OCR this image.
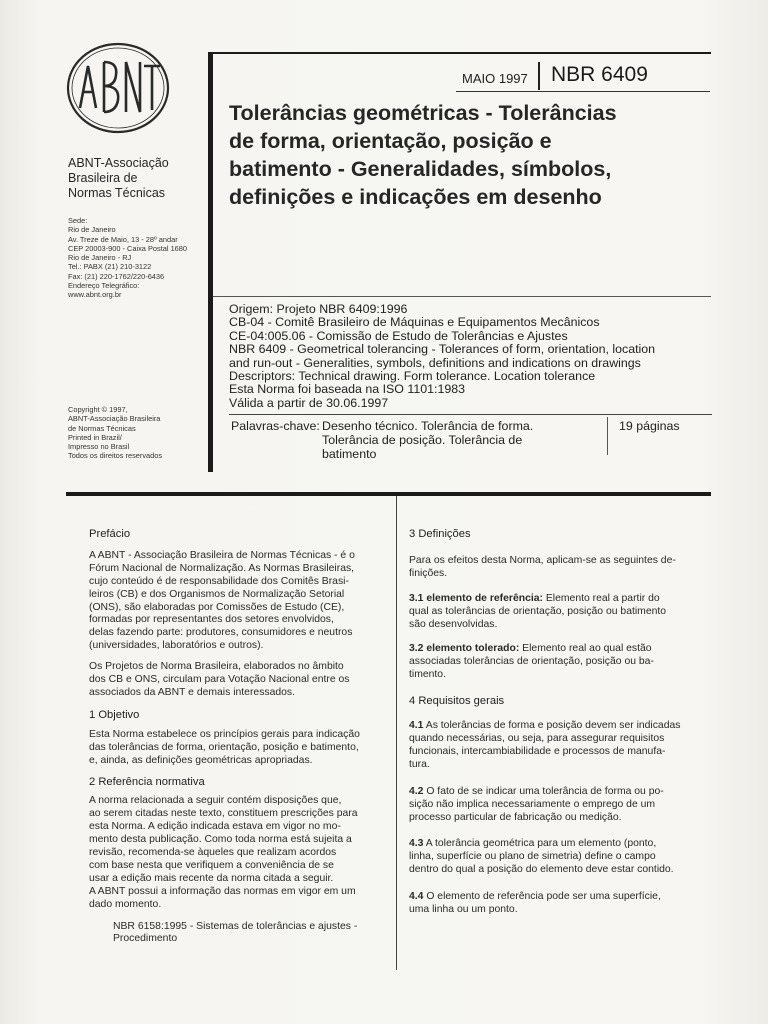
ABNT-Associação
Brasileira de
Normas Técnicas
Sede:
Rio de Janeiro
Av. Treze de Maio, 13 - 28º andar
CEP 20003-900 - Caixa Postal 1680
Rio de Janeiro - RJ
Tel.: PABX (21) 210-3122
Fax: (21) 220-1762/220-6436
Endereço Telegráfico:
www.abnt.org.br
Copyright © 1997,
ABNT-Associação Brasileira
de Normas Técnicas
Printed in Brazil/
Impresso no Brasil
Todos os direitos reservados
MAIO 1997 NBR 6409
Tolerâncias geométricas - Tolerâncias
de forma, orientação, posição e
batimento - Generalidades, símbolos,
definições e indicações em desenho
Origem: Projeto NBR 6409:1996
CB-04 - Comitê Brasileiro de Máquinas e Equipamentos Mecânicos
CE-04:005.06 - Comissão de Estudo de Tolerâncias e Ajustes
NBR 6409 - Geometrical tolerancing - Tolerances of form, orientation, location
and run-out - Generalities, symbols, definitions and indications on drawings
Descriptors: Technical drawing. Form tolerance. Location tolerance
Esta Norma foi baseada na ISO 1101:1983
Válida a partir de 30.06.1997
Palavras-chave: Desenho técnico. Tolerância de forma.
Tolerância de posição. Tolerância de
batimento
19 páginas
Prefácio

A ABNT - Associação Brasileira de Normas Técnicas - é o
Fórum Nacional de Normalização. As Normas Brasileiras,
cujo conteúdo é de responsabilidade dos Comitês Brasi-
leiros (CB) e dos Organismos de Normalização Setorial
(ONS), são elaboradas por Comissões de Estudo (CE),
formadas por representantes dos setores envolvidos,
delas fazendo parte: produtores, consumidores e neutros
(universidades, laboratórios e outros).

Os Projetos de Norma Brasileira, elaborados no âmbito
dos CB e ONS, circulam para Votação Nacional entre os
associados da ABNT e demais interessados.

1 Objetivo

Esta Norma estabelece os princípios gerais para indicação
das tolerâncias de forma, orientação, posição e batimento,
e, ainda, as definições geométricas apropriadas.

2 Referência normativa

A norma relacionada a seguir contém disposições que,
ao serem citadas neste texto, constituem prescrições para
esta Norma. A edição indicada estava em vigor no mo-
mento desta publicação. Como toda norma está sujeita a
revisão, recomenda-se àqueles que realizam acordos
com base nesta que verifiquem a conveniência de se
usar a edição mais recente da norma citada a seguir.
A ABNT possui a informação das normas em vigor em um
dado momento.

NBR 6158:1995 - Sistemas de tolerâncias e ajustes -
Procedimento

3 Definições

Para os efeitos desta Norma, aplicam-se as seguintes de-
finições.

3.1 elemento de referência: Elemento real a partir do
qual as tolerâncias de orientação, posição ou batimento
são desenvolvidas.

3.2 elemento tolerado: Elemento real ao qual estão
associadas tolerâncias de orientação, posição ou ba-
timento.

4 Requisitos gerais

4.1 As tolerâncias de forma e posição devem ser indicadas
quando necessárias, ou seja, para assegurar requisitos
funcionais, intercambiabilidade e processos de manufa-
tura.

4.2 O fato de se indicar uma tolerância de forma ou po-
sição não implica necessariamente o emprego de um
processo particular de fabricação ou medição.

4.3 A tolerância geométrica para um elemento (ponto,
linha, superfície ou plano de simetria) define o campo
dentro do qual a posição do elemento deve estar contido.

4.4 O elemento de referência pode ser uma superfície,
uma linha ou um ponto.
